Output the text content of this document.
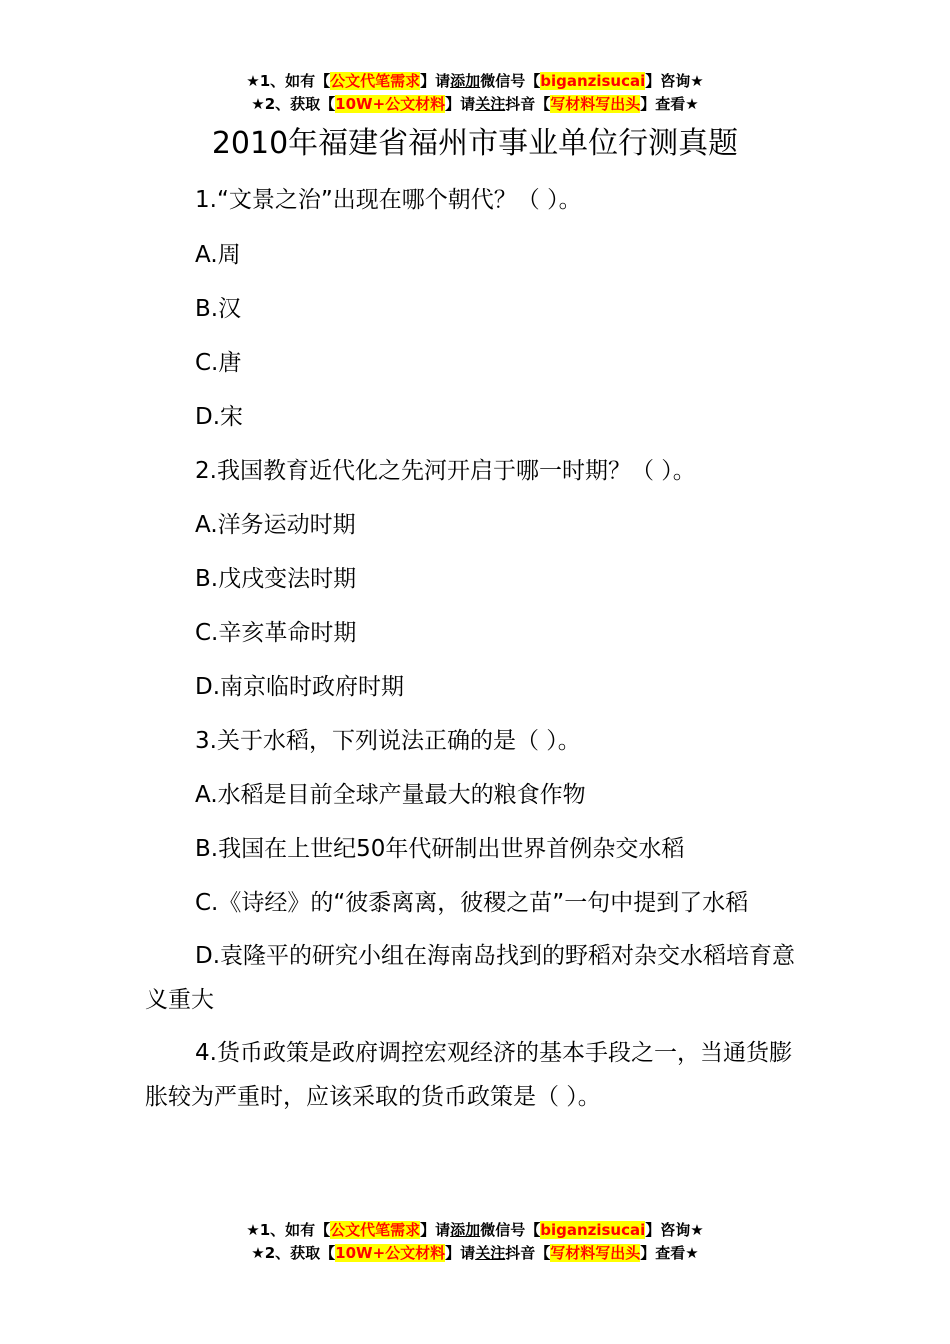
★1、如有【公文代笔需求】请添加微信号【biganzisucai】咨询★
★2、获取【10W+公文材料】请关注抖音【写材料写出头】查看★
2010年福建省福州市事业单位行测真题

1.“文景之治”出现在哪个朝代？（ ）。

A.周

B.汉

C.唐

D.宋

2.我国教育近代化之先河开启于哪一时期？（ ）。

A.洋务运动时期

B.戊戌变法时期

C.辛亥革命时期

D.南京临时政府时期

3.关于水稻，下列说法正确的是（ ）。

A.水稻是目前全球产量最大的粮食作物

B.我国在上世纪50年代研制出世界首例杂交水稻

C.《诗经》的“彼黍离离，彼稷之苗”一句中提到了水稻

D.袁隆平的研究小组在海南岛找到的野稻对杂交水稻培育意义重大

4.货币政策是政府调控宏观经济的基本手段之一，当通货膨胀较为严重时，应该采取的货币政策是（ ）。

★1、如有【公文代笔需求】请添加微信号【biganzisucai】咨询★
★2、获取【10W+公文材料】请关注抖音【写材料写出头】查看★
